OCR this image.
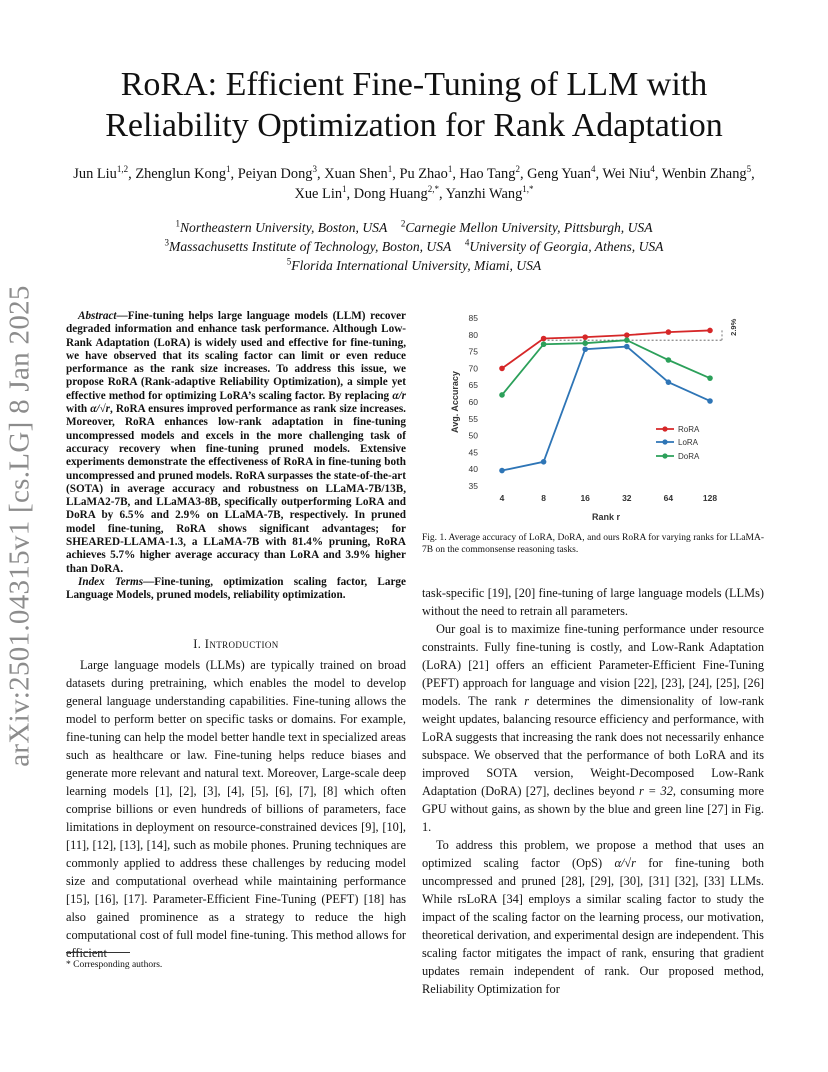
RoRA: Efficient Fine-Tuning of LLM with
Reliability Optimization for Rank Adaptation
Jun Liu$^{1,2}$, Zhenglun Kong$^1$, Peiyan Dong$^3$, Xuan Shen$^1$, Pu Zhao$^1$, Hao Tang$^2$, Geng Yuan$^4$, Wei Niu$^4$, Wenbin Zhang$^5$, Xue Lin$^1$, Dong Huang$^{2,*}$, Yanzhi Wang$^{1,*}$
$^1$Northeastern University, Boston, USA $^2$Carnegie Mellon University, Pittsburgh, USA
$^3$Massachusetts Institute of Technology, Boston, USA $^4$University of Georgia, Athens, USA
$^5$Florida International University, Miami, USA
arXiv:2501.04315v1 [cs.LG] 8 Jan 2025	Abstract—Fine-tuning helps large language models (LLM) recover degraded information and enhance task performance. Although Low-Rank Adaptation (LoRA) is widely used and effective for fine-tuning, we have observed that its scaling factor can limit or even reduce performance as the rank size increases. To address this issue, we propose RoRA (Rank-adaptive Reliability Optimization), a simple yet effective method for optimizing LoRA’s scaling factor. By replacing α/r with α/√r, RoRA ensures improved performance as rank size increases. Moreover, RoRA enhances low-rank adaptation in fine-tuning uncompressed models and excels in the more challenging task of accuracy recovery when fine-tuning pruned models. Extensive experiments demonstrate the effectiveness of RoRA in fine-tuning both uncompressed and pruned models. RoRA surpasses the state-of-the-art (SOTA) in average accuracy and robustness on LLaMA-7B/13B, LLaMA2-7B, and LLaMA3-8B, specifically outperforming LoRA and DoRA by 6.5% and 2.9% on LLaMA-7B, respectively. In pruned model fine-tuning, RoRA shows significant advantages; for SHEARED-LLAMA-1.3, a LLaMA-7B with 81.4% pruning, RoRA achieves 5.7% higher average accuracy than LoRA and 3.9% higher than DoRA.

Index Terms—Fine-tuning, optimization scaling factor, Large Language Models, pruned models, reliability optimization.

I. Introduction

Large language models (LLMs) are typically trained on broad datasets during pretraining, which enables the model to develop general language understanding capabilities. Fine-tuning allows the model to perform better on specific tasks or domains. For example, fine-tuning can help the model better handle text in specialized areas such as healthcare or law. Fine-tuning helps reduce biases and generate more relevant and natural text. Moreover, Large-scale deep learning models [1], [2], [3], [4], [5], [6], [7], [8] which often comprise billions or even hundreds of billions of parameters, face limitations in deployment on resource-constrained devices [9], [10], [11], [12], [13], [14], such as mobile phones. Pruning techniques are commonly applied to address these challenges by reducing model size and computational overhead while maintaining performance [15], [16], [17]. Parameter-Efficient Fine-Tuning (PEFT) [18] has also gained prominence as a strategy to reduce the high computational cost of full model fine-tuning. This method allows for efficient

* Corresponding authors.
35
40
45
50
55
60
65
70
75
80
85
4	8	16	32	64	128
Rank r
Avg. Accuracy
2.9%
RoRA
LoRA
DoRA
Fig. 1. Average accuracy of LoRA, DoRA, and ours RoRA for varying ranks for LLaMA-7B on the commonsense reasoning tasks.

task-specific [19], [20] fine-tuning of large language models (LLMs) without the need to retrain all parameters.

Our goal is to maximize fine-tuning performance under resource constraints. Fully fine-tuning is costly, and Low-Rank Adaptation (LoRA) [21] offers an efficient Parameter-Efficient Fine-Tuning (PEFT) approach for language and vision [22], [23], [24], [25], [26] models. The rank r determines the dimensionality of low-rank weight updates, balancing resource efficiency and performance, with LoRA suggests that increasing the rank does not necessarily enhance subspace. We observed that the performance of both LoRA and its improved SOTA version, Weight-Decomposed Low-Rank Adaptation (DoRA) [27], declines beyond r = 32, consuming more GPU without gains, as shown by the blue and green line [27] in Fig. 1.

To address this problem, we propose a method that uses an optimized scaling factor (OpS) α/√r for fine-tuning both uncompressed and pruned [28], [29], [30], [31] [32], [33] LLMs. While rsLoRA [34] employs a similar scaling factor to study the impact of the scaling factor on the learning process, our motivation, theoretical derivation, and experimental design are independent. This scaling factor mitigates the impact of rank, ensuring that gradient updates remain independent of rank. Our proposed method, Reliability Optimization for
